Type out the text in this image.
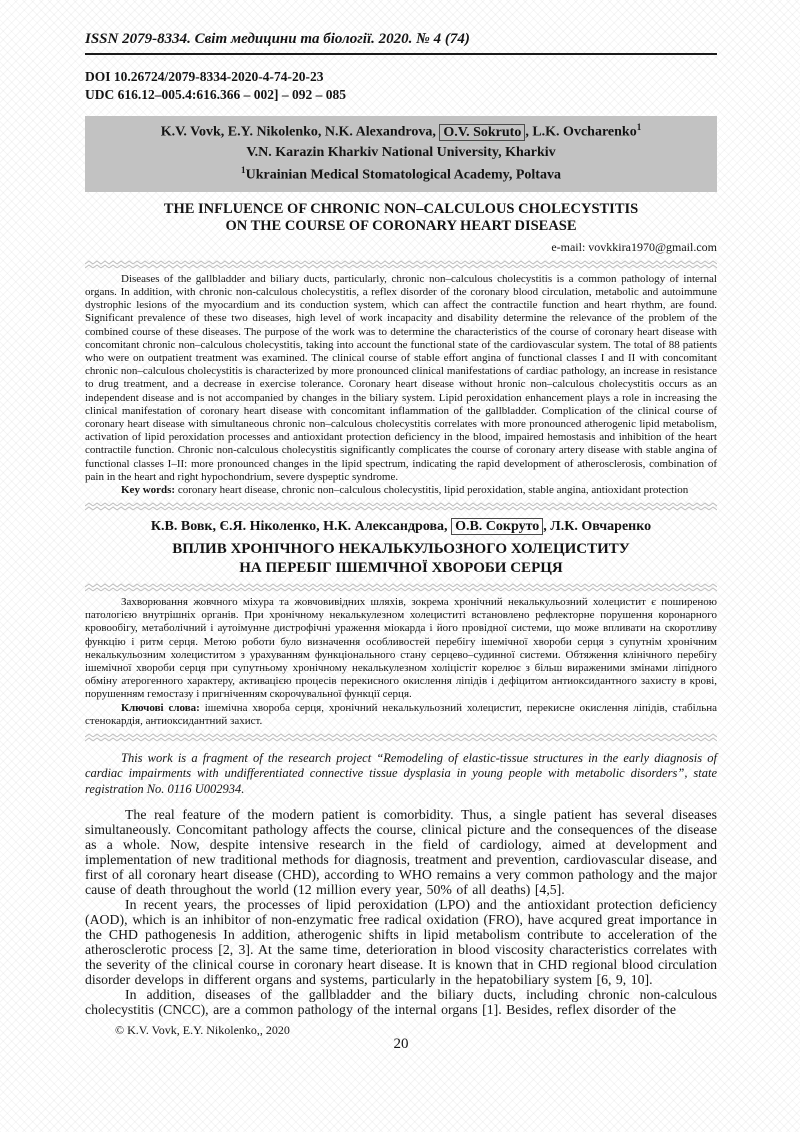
ISSN 2079-8334. Світ медицини та біології. 2020. № 4 (74)
DOI 10.26724/2079-8334-2020-4-74-20-23
UDC 616.12–005.4:616.366 – 002] – 092 – 085
K.V. Vovk, E.Y. Nikolenko, N.K. Alexandrova, O.V. Sokruto , L.K. Ovcharenko$^1$
V.N. Karazin Kharkiv National University, Kharkiv
$^1$Ukrainian Medical Stomatological Academy, Poltava
THE INFLUENCE OF CHRONIC NON–CALCULOUS CHOLECYSTITIS
ON THE COURSE OF CORONARY HEART DISEASE
e-mail: vovkkira1970@gmail.com

Diseases of the gallbladder and biliary ducts, particularly, chronic non–calculous cholecystitis is a common pathology of internal organs. In addition, with chronic non-calculous cholecystitis, a reflex disorder of the coronary blood circulation, metabolic and autoimmune dystrophic lesions of the myocardium and its conduction system, which can affect the contractile function and heart rhythm, are found. Significant prevalence of these two diseases, high level of work incapacity and disability determine the relevance of the problem of the combined course of these diseases. The purpose of the work was to determine the characteristics of the course of coronary heart disease with concomitant chronic non–calculous cholecystitis, taking into account the functional state of the cardiovascular system. The total of 88 patients who were on outpatient treatment was examined. The clinical course of stable effort angina of functional classes I and II with concomitant chronic non–calculous cholecystitis is characterized by more pronounced clinical manifestations of cardiac pathology, an increase in resistance to drug treatment, and a decrease in exercise tolerance. Coronary heart disease without hronic non–calculous cholecystitis occurs as an independent disease and is not accompanied by changes in the biliary system. Lipid peroxidation enhancement plays a role in increasing the clinical manifestation of coronary heart disease with concomitant inflammation of the gallbladder. Complication of the clinical course of coronary heart disease with simultaneous chronic non–calculous cholecystitis correlates with more pronounced atherogenic lipid metabolism, activation of lipid peroxidation processes and antioxidant protection deficiency in the blood, impaired hemostasis and inhibition of the heart contractile function. Chronic non-calculous cholecystitis significantly complicates the course of coronary artery disease with stable angina of functional classes I–II: more pronounced changes in the lipid spectrum, indicating the rapid development of atherosclerosis, combination of pain in the heart and right hypochondrium, severe dyspeptic syndrome.

Key words: coronary heart disease, chronic non–calculous cholecystitis, lipid peroxidation, stable angina, antioxidant protection

К.В. Вовк, Є.Я. Ніколенко, Н.К. Александрова, О.В. Сокруто , Л.К. Овчаренко
ВПЛИВ ХРОНІЧНОГО НЕКАЛЬКУЛЬОЗНОГО ХОЛЕЦИСТИТУ
НА ПЕРЕБІГ ІШЕМІЧНОЇ ХВОРОБИ СЕРЦЯ

Захворювання жовчного міхура та жовчовивідних шляхів, зокрема хронічний некалькульозний холецистит є поширеною патологією внутрішніх органів. При хронічному некалькулезном холециститі встановлено рефлекторне порушення коронарного кровообігу, метаболічний і аутоімунне дистрофічні ураження міокарда і його провідної системи, що може впливати на скоротливу функцію і ритм серця. Метою роботи було визначення особливостей перебігу ішемічної хвороби серця з супутнім хронічним некалькульозним холециститом з урахуванням функціонального стану серцево–судинної системи. Обтяження клінічного перебігу ішемічної хвороби серця при супутньому хронічному некалькулезном холіцістіт корелює з більш вираженими змінами ліпідного обміну атерогенного характеру, активацією процесів перекисного окислення ліпідів і дефіцитом антиоксидантного захисту в крові, порушенням гемостазу і пригніченням скорочувальної функції серця.

Ключові слова: ішемічна хвороба серця, хронічний некалькульозний холецистит, перекисне окислення ліпідів, стабільна стенокардія, антиоксидантний захист.

This work is a fragment of the research project “Remodeling of elastic-tissue structures in the early diagnosis of cardiac impairments with undifferentiated connective tissue dysplasia in young people with metabolic disorders”, state registration No. 0116 U002934.

The real feature of the modern patient is comorbidity. Thus, a single patient has several diseases simultaneously. Concomitant pathology affects the course, clinical picture and the consequences of the disease as a whole. Now, despite intensive research in the field of cardiology, aimed at development and implementation of new traditional methods for diagnosis, treatment and prevention, cardiovascular disease, and first of all coronary heart disease (CHD), according to WHO remains a very common pathology and the major cause of death throughout the world (12 million every year, 50% of all deaths) [4,5].

In recent years, the processes of lipid peroxidation (LPO) and the antioxidant protection deficiency (AOD), which is an inhibitor of non-enzymatic free radical oxidation (FRO), have acqured great importance in the CHD pathogenesis In addition, atherogenic shifts in lipid metabolism contribute to acceleration of the atherosclerotic process [2, 3]. At the same time, deterioration in blood viscosity characteristics correlates with the severity of the clinical course in coronary heart disease. It is known that in CHD regional blood circulation disorder develops in different organs and systems, particularly in the hepatobiliary system [6, 9, 10].

In addition, diseases of the gallbladder and the biliary ducts, including chronic non-calculous cholecystitis (CNCC), are a common pathology of the internal organs [1]. Besides, reflex disorder of the

© K.V. Vovk, E.Y. Nikolenko,, 2020
20
